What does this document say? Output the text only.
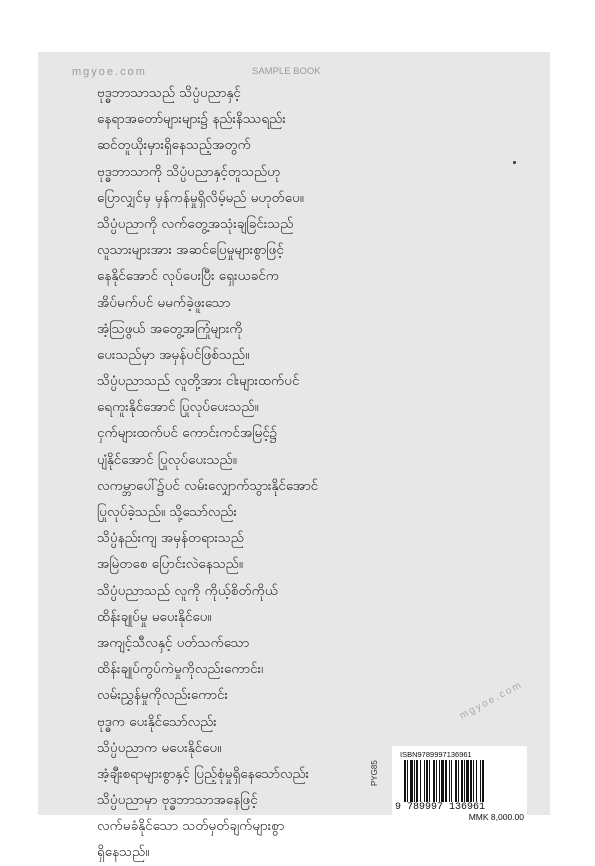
mgyoe.com	SAMPLE BOOK
ဗုဒ္ဓဘာသာသည် သိပ္ပံပညာနှင့်
နေရာအတော်များများ၌ နည်းနိဿရည်း
ဆင်တူယိုးမှားရှိနေသည့်အတွက်
ဗုဒ္ဓဘာသာကို သိပ္ပံပညာနှင့်တူသည်ဟု
ပြောလျှင်မှ မှန်ကန်မှုရှိလိမ့်မည် မဟုတ်ပေ။
သိပ္ပံပညာကို လက်တွေ့အသုံးချခြင်းသည်
လူသားများအား အဆင်ပြေမှုများစွာဖြင့်
နေနိုင်အောင် လုပ်ပေးပြီး ရှေးယခင်က
အိပ်မက်ပင် မမက်ခဲ့ဖူးသော
အံ့ဩဖွယ် အတွေ့အကြုံများကို
ပေးသည်မှာ အမှန်ပင်ဖြစ်သည်။
သိပ္ပံပညာသည် လူတို့အား ငါးများထက်ပင်
ရေကူးနိုင်အောင် ပြုလုပ်ပေးသည်။
ငှက်များထက်ပင် ကောင်းကင်အမြင့်၌
ပျံနိုင်အောင် ပြုလုပ်ပေးသည်။
လကမ္ဘာပေါ်၌ပင် လမ်းလျှောက်သွားနိုင်အောင်
ပြုလုပ်ခဲ့သည်။ သို့သော်လည်း
သိပ္ပံနည်းကျ အမှန်တရားသည်
အမြဲတစေ ပြောင်းလဲနေသည်။
သိပ္ပံပညာသည် လူကို ကိုယ့်စိတ်ကိုယ်
ထိန်းချုပ်မှု မပေးနိုင်ပေ။
အကျင့်သီလနှင့် ပတ်သက်သော
ထိန်းချုပ်ကွပ်ကဲမှုကိုလည်းကောင်း၊
လမ်းညွှန်မှုကိုလည်းကောင်း
ဗုဒ္ဓက ပေးနိုင်သော်လည်း
သိပ္ပံပညာက မပေးနိုင်ပေ။
အံ့ချီးစရာများစွာနှင့် ပြည့်စုံမှုရှိနေသော်လည်း
သိပ္ပံပညာမှာ ဗုဒ္ဓဘာသာအနေဖြင့်
လက်မခံနိုင်သော သတ်မှတ်ချက်များစွာ
ရှိနေသည်။
mgyoe.com
PYG85
ISBN9789997136961
9 789997 136961
MMK 8,000.00
